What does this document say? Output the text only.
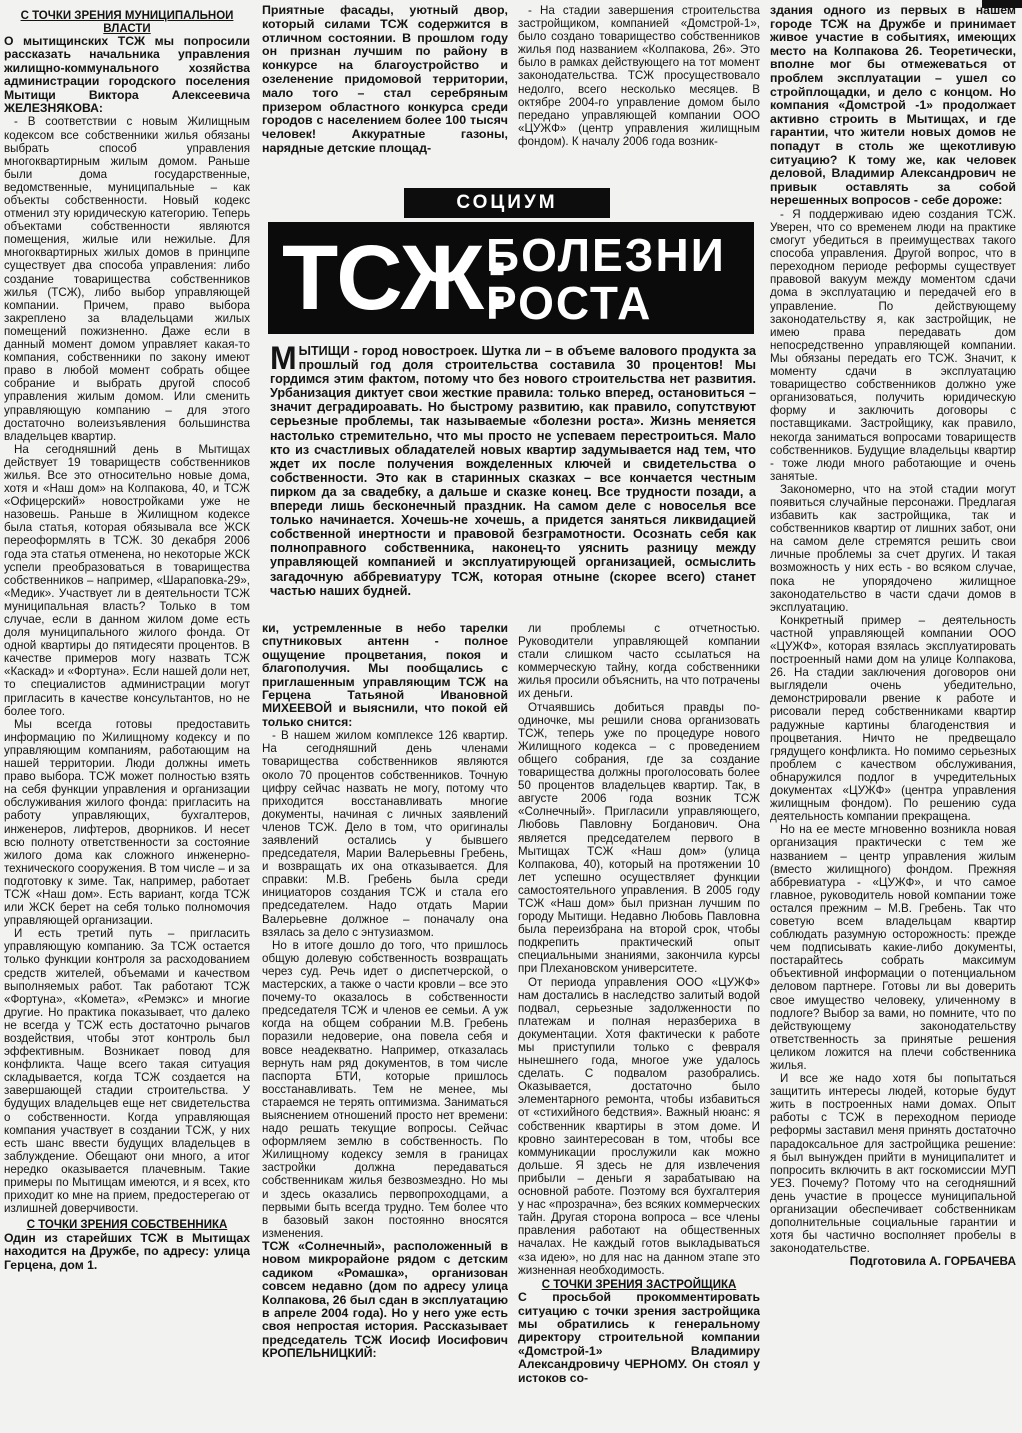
С ТОЧКИ ЗРЕНИЯ МУНИЦИПАЛЬНОЙ ВЛАСТИ

О мытищинских ТСЖ мы попросили рассказать начальника управления жилищно-коммунального хозяйства администрации городского поселения Мытищи Виктора Алексеевича ЖЕЛЕЗНЯКОВА:

- В соответствии с новым Жилищным кодексом все собственники жилья обязаны выбрать способ управления многоквартирным жилым домом. Раньше были дома государственные, ведомственные, муниципальные – как объекты собственности. Новый кодекс отменил эту юридическую категорию. Теперь объектами собственности являются помещения, жилые или нежилые. Для многоквартирных жилых домов в принципе существует два способа управления: либо создание товарищества собственников жилья (ТСЖ), либо выбор управляющей компании. Причем, право выбора закреплено за владельцами жилых помещений пожизненно. Даже если в данный момент домом управляет какая-то компания, собственники по закону имеют право в любой момент собрать общее собрание и выбрать другой способ управления жилым домом. Или сменить управляющую компанию – для этого достаточно волеизъявления большинства владельцев квартир.

На сегодняшний день в Мытищах действует 19 товариществ собственников жилья. Все это относительно новые дома, хотя и «Наш дом» на Колпакова, 40, и ТСЖ «Офицерский» новостройками уже не назовешь. Раньше в Жилищном кодексе была статья, которая обязывала все ЖСК переоформлять в ТСЖ. 30 декабря 2006 года эта статья отменена, но некоторые ЖСК успели преобразоваться в товарищества собственников – например, «Шараповка-29», «Медик». Участвует ли в деятельности ТСЖ муниципальная власть? Только в том случае, если в данном жилом доме есть доля муниципального жилого фонда. От одной квартиры до пятидесяти процентов. В качестве примеров могу назвать ТСЖ «Каскад» и «Фортуна». Если нашей доли нет, то специалистов администрации могут пригласить в качестве консультантов, но не более того.

Мы всегда готовы предоставить информацию по Жилищному кодексу и по управляющим компаниям, работающим на нашей территории. Люди должны иметь право выбора. ТСЖ может полностью взять на себя функции управления и организации обслуживания жилого фонда: пригласить на работу управляющих, бухгалтеров, инженеров, лифтеров, дворников. И несет всю полноту ответственности за состояние жилого дома как сложного инженерно-технического сооружения. В том числе – и за подготовку к зиме. Так, например, работает ТСЖ «Наш дом». Есть вариант, когда ТСЖ или ЖСК берет на себя только полномочия управляющей организации.

И есть третий путь – пригласить управляющую компанию. За ТСЖ остается только функции контроля за расходованием средств жителей, объемами и качеством выполняемых работ. Так работают ТСЖ «Фортуна», «Комета», «Ремэкс» и многие другие. Но практика показывает, что далеко не всегда у ТСЖ есть достаточно рычагов воздействия, чтобы этот контроль был эффективным. Возникает повод для конфликта. Чаще всего такая ситуация складывается, когда ТСЖ создается на завершающей стадии строительства. У будущих владельцев еще нет свидетельства о собственности. Когда управляющая компания участвует в создании ТСЖ, у них есть шанс ввести будущих владельцев в заблуждение. Обещают они много, а итог нередко оказывается плачевным. Такие примеры по Мытищам имеются, и я всех, кто приходит ко мне на прием, предостерегаю от излишней доверчивости.

С ТОЧКИ ЗРЕНИЯ СОБСТВЕННИКА

Один из старейших ТСЖ в Мытищах находится на Дружбе, по адресу: улица Герцена, дом 1.

Приятные фасады, уютный двор, который силами ТСЖ содержится в отличном состоянии. В прошлом году он признан лучшим по району в конкурсе на благоустройство и озеленение придомовой территории, мало того – стал серебряным призером областного конкурса среди городов с населением более 100 тысяч человек! Аккуратные газоны, нарядные детские площад-

- На стадии завершения строительства застройщиком, компанией «Домстрой-1», было создано товарищество собственников жилья под названием «Колпакова, 26». Это было в рамках действующего на тот момент законодательства. ТСЖ просуществовало недолго, всего несколько месяцев. В октябре 2004-го управление домом было передано управляющей компании ООО «ЦУЖФ» (центр управления жилищным фондом). К началу 2006 года возник-

СОЦИУМ
ТСЖ:
БОЛЕЗНИ
РОСТА
МЫТИЩИ - город новостроек. Шутка ли – в объеме валового продукта за прошлый год доля строительства составила 30 процентов! Мы гордимся этим фактом, потому что без нового строительства нет развития. Урбанизация диктует свои жесткие правила: только вперед, остановиться – значит деградироавать. Но быстрому развитию, как правило, сопутствуют серьезные проблемы, так называемые «болезни роста». Жизнь меняется настолько стремительно, что мы просто не успеваем перестроиться. Мало кто из счастливых обладателей новых квартир задумывается над тем, что ждет их после получения вожделенных ключей и свидетельства о собственности. Это как в старинных сказках – все кончается честным пирком да за свадебку, а дальше и сказке конец. Все трудности позади, а впереди лишь бесконечный праздник. На самом деле с новоселья все только начинается. Хочешь-не хочешь, а придется заняться ликвидацией собственной инертности и правовой безграмотности. Осознать себя как полноправного собственника, наконец-то уяснить разницу между управляющей компанией и эксплуатирующей организацией, осмыслить загадочную аббревиатуру ТСЖ, которая отныне (скорее всего) станет частью наших будней.

ки, устремленные в небо тарелки спутниковых антенн - полное ощущение процветания, покоя и благополучия. Мы пообщались с приглашенным управляющим ТСЖ на Герцена Татьяной Ивановной МИХЕЕВОЙ и выяснили, что покой ей только снится:

- В нашем жилом комплексе 126 квартир. На сегодняшний день членами товарищества собственников являются около 70 процентов собственников. Точную цифру сейчас назвать не могу, потому что приходится восстанавливать многие документы, начиная с личных заявлений членов ТСЖ. Дело в том, что оригиналы заявлений остались у бывшего председателя, Марии Валерьевны Гребень, и возвращать их она отказывается. Для справки: М.В. Гребень была среди инициаторов создания ТСЖ и стала его председателем. Надо отдать Марии Валерьевне должное – поначалу она взялась за дело с энтузиазмом.

Но в итоге дошло до того, что пришлось общую долевую собственность возвращать через суд. Речь идет о диспетчерской, о мастерских, а также о части кровли – все это почему-то оказалось в собственности председателя ТСЖ и членов ее семьи. А уж когда на общем собрании М.В. Гребень поразили недоверие, она повела себя и вовсе неадекватно. Например, отказалась вернуть нам ряд документов, в том числе паспорта БТИ, которые пришлось восстанавливать. Тем не менее, мы стараемся не терять оптимизма. Заниматься выяснением отношений просто нет времени: надо решать текущие вопросы. Сейчас оформляем землю в собственность. По Жилищному кодексу земля в границах застройки должна передаваться собственникам жилья безвозмездно. Но мы и здесь оказались первопроходцами, а первыми быть всегда трудно. Тем более что в базовый закон постоянно вносятся изменения.

ТСЖ «Солнечный», расположенный в новом микрорайоне рядом с детским садиком «Ромашка», организован совсем недавно (дом по адресу улица Колпакова, 26 был сдан в эксплуатацию в апреле 2004 года). Но у него уже есть своя непростая история. Рассказывает председатель ТСЖ Иосиф Иосифович КРОПЕЛЬНИЦКИЙ:

ли проблемы с отчетностью. Руководители управляющей компании стали слишком часто ссылаться на коммерческую тайну, когда собственники жилья просили объяснить, на что потрачены их деньги.

Отчаявшись добиться правды по-одиночке, мы решили снова организовать ТСЖ, теперь уже по процедуре нового Жилищного кодекса – с проведением общего собрания, где за создание товарищества должны проголосовать более 50 процентов владельцев квартир. Так, в августе 2006 года возник ТСЖ «Солнечный». Пригласили управляющего, Любовь Павловну Богданович. Она является председателем первого в Мытищах ТСЖ «Наш дом» (улица Колпакова, 40), который на протяжении 10 лет успешно осуществляет функции самостоятельного управления. В 2005 году ТСЖ «Наш дом» был признан лучшим по городу Мытищи. Недавно Любовь Павловна была переизбрана на второй срок, чтобы подкрепить практический опыт специальными знаниями, закончила курсы при Плехановском университете.

От периода управления ООО «ЦУЖФ» нам достались в наследство залитый водой подвал, серьезные задолженности по платежам и полная неразбериха в документации. Хотя фактически к работе мы приступили только с февраля нынешнего года, многое уже удалось сделать. С подвалом разобрались. Оказывается, достаточно было элементарного ремонта, чтобы избавиться от «стихийного бедствия». Важный нюанс: я собственник квартиры в этом доме. И кровно заинтересован в том, чтобы все коммуникации прослужили как можно дольше. Я здесь не для извлечения прибыли – деньги я зарабатываю на основной работе. Поэтому вся бухгалтерия у нас «прозрачна», без всяких коммерческих тайн. Другая сторона вопроса – все члены правления работают на общественных началах. Не каждый готов выкладываться «за идею», но для нас на данном этапе это жизненная необходимость.

С ТОЧКИ ЗРЕНИЯ ЗАСТРОЙЩИКА

С просьбой прокомментировать ситуацию с точки зрения застройщика мы обратились к генеральному директору строительной компании «Домстрой-1» Владимиру Александровичу ЧЕРНОМУ. Он стоял у истоков со-

здания одного из первых в нашем городе ТСЖ на Дружбе и принимает живое участие в событиях, имеющих место на Колпакова 26. Теоретически, вполне мог бы отмежеваться от проблем эксплуатации – ушел со стройплощадки, и дело с концом. Но компания «Домстрой -1» продолжает активно строить в Мытищах, и где гарантии, что жители новых домов не попадут в столь же щекотливую ситуацию? К тому же, как человек деловой, Владимир Александрович не привык оставлять за собой нерешенных вопросов - себе дороже:

- Я поддерживаю идею создания ТСЖ. Уверен, что со временем люди на практике смогут убедиться в преимуществах такого способа управления. Другой вопрос, что в переходном периоде реформы существует правовой вакуум между моментом сдачи дома в эксплуатацию и передачей его в управление. По действующему законодательству я, как застройщик, не имею права передавать дом непосредственно управляющей компании. Мы обязаны передать его ТСЖ. Значит, к моменту сдачи в эксплуатацию товарищество собственников должно уже организоваться, получить юридическую форму и заключить договоры с поставщиками. Застройщику, как правило, некогда заниматься вопросами товариществ собственников. Будущие владельцы квартир - тоже люди много работающие и очень занятые.

Закономерно, что на этой стадии могут появиться случайные персонажи. Предлагая избавить как застройщика, так и собственников квартир от лишних забот, они на самом деле стремятся решить свои личные проблемы за счет других. И такая возможность у них есть - во всяком случае, пока не упорядочено жилищное законодательство в части сдачи домов в эксплуатацию.

Конкретный пример – деятельность частной управляющей компании ООО «ЦУЖФ», которая взялась эксплуатировать построенный нами дом на улице Колпакова, 26. На стадии заключения договоров они выглядели очень убедительно, демонстрировали рвение к работе и рисовали перед собственниками квартир радужные картины благоденствия и процветания. Ничто не предвещало грядущего конфликта. Но помимо серьезных проблем с качеством обслуживания, обнаружился подлог в учредительных документах «ЦУЖФ» (центра управления жилищным фондом). По решению суда деятельность компании прекращена.

Но на ее месте мгновенно возникла новая организация практически с тем же названием – центр управления жилым (вместо жилищного) фондом. Прежняя аббревиатура - «ЦУЖФ», и что самое главное, руководитель новой компании тоже остался прежним – М.В. Гребень. Так что советую всем владельцам квартир соблюдать разумную осторожность: прежде чем подписывать какие-либо документы, постарайтесь собрать максимум объективной информации о потенциальном деловом партнере. Готовы ли вы доверить свое имущество человеку, уличенному в подлоге? Выбор за вами, но помните, что по действующему законодательству ответственность за принятые решения целиком ложится на плечи собственника жилья.

И все же надо хотя бы попытаться защитить интересы людей, которые будут жить в построенных нами домах. Опыт работы с ТСЖ в переходном периоде реформы заставил меня принять достаточно парадоксальное для застройщика решение: я был вынужден прийти в муниципалитет и попросить включить в акт госкомиссии МУП УЕЗ. Почему? Потому что на сегодняшний день участие в процессе муниципальной организации обеспечивает собственникам дополнительные социальные гарантии и хотя бы частично восполняет пробелы в законодательстве.

Подготовила А. ГОРБАЧЕВА
